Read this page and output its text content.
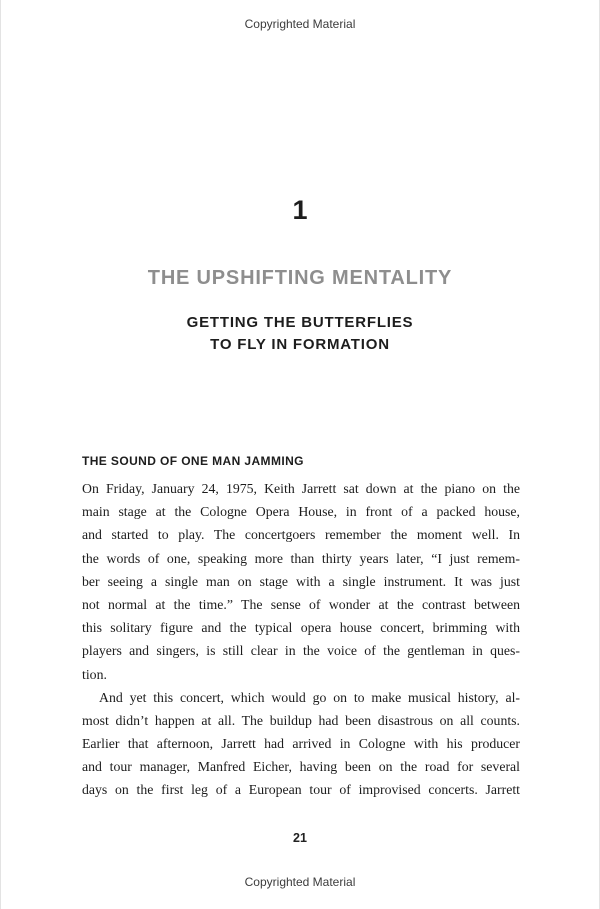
Copyrighted Material
1
THE UPSHIFTING MENTALITY
GETTING THE BUTTERFLIES
TO FLY IN FORMATION
THE SOUND OF ONE MAN JAMMING
On Friday, January 24, 1975, Keith Jarrett sat down at the piano on the
main stage at the Cologne Opera House, in front of a packed house,
and started to play. The concertgoers remember the moment well. In
the words of one, speaking more than thirty years later, “I just remem-
ber seeing a single man on stage with a single instrument. It was just
not normal at the time.” The sense of wonder at the contrast between
this solitary figure and the typical opera house concert, brimming with
players and singers, is still clear in the voice of the gentleman in ques-
tion.
And yet this concert, which would go on to make musical history, al-
most didn’t happen at all. The buildup had been disastrous on all counts.
Earlier that afternoon, Jarrett had arrived in Cologne with his producer
and tour manager, Manfred Eicher, having been on the road for several
days on the first leg of a European tour of improvised concerts. Jarrett
21
Copyrighted Material
